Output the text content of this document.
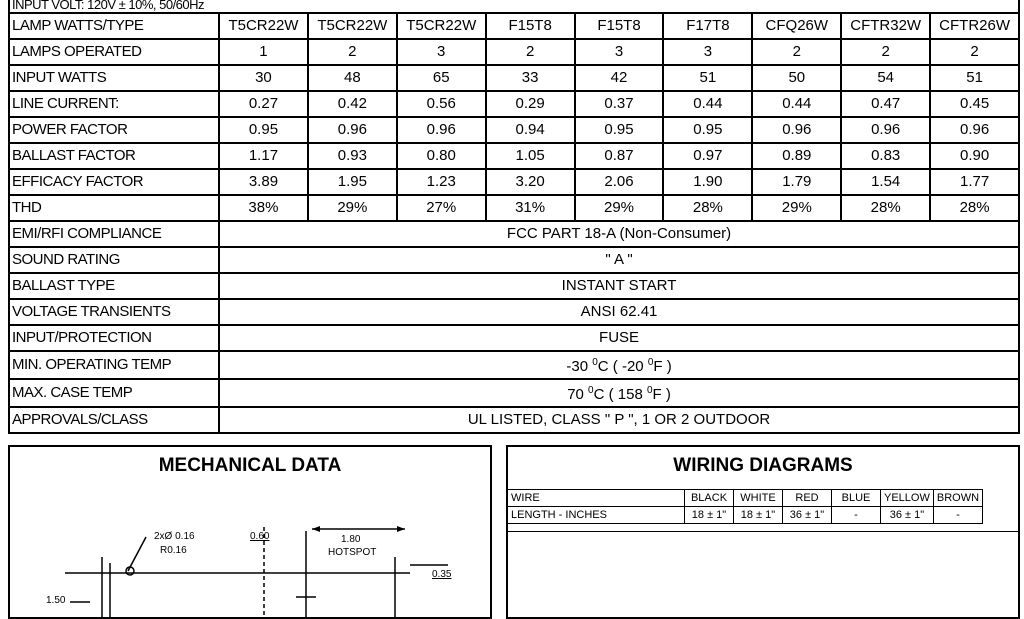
INPUT VOLT: 120V ± 10%, 50/60Hz									
LAMP WATTS/TYPE	T5CR22W	T5CR22W	T5CR22W	F15T8	F15T8	F17T8	CFQ26W	CFTR32W	CFTR26W
LAMPS OPERATED	1	2	3	2	3	3	2	2	2
INPUT WATTS	30	48	65	33	42	51	50	54	51
LINE CURRENT:	0.27	0.42	0.56	0.29	0.37	0.44	0.44	0.47	0.45
POWER FACTOR	0.95	0.96	0.96	0.94	0.95	0.95	0.96	0.96	0.96
BALLAST FACTOR	1.17	0.93	0.80	1.05	0.87	0.97	0.89	0.83	0.90
EFFICACY FACTOR	3.89	1.95	1.23	3.20	2.06	1.90	1.79	1.54	1.77
THD	38%	29%	27%	31%	29%	28%	29%	28%	28%
EMI/RFI COMPLIANCE	FCC PART 18-A (Non-Consumer)								
SOUND RATING	" A "								
BALLAST TYPE	INSTANT START								
VOLTAGE TRANSIENTS	ANSI 62.41								
INPUT/PROTECTION	FUSE								
MIN. OPERATING TEMP	-30 $^0$C ( -20 $^0$F )								
MAX. CASE TEMP	70 $^0$C ( 158 $^0$F )								
APPROVALS/CLASS	UL LISTED, CLASS " P ", 1 OR 2 OUTDOOR								
MECHANICAL DATA
2xØ 0.16
R0.16
0.60	1.80
HOTSPOT
0.35
1.50
WIRING DIAGRAMS
WIRE	BLACK	WHITE	RED	BLUE	YELLOW	BROWN
LENGTH - INCHES	18 ± 1"	18 ± 1"	36 ± 1"	-	36 ± 1"	-
